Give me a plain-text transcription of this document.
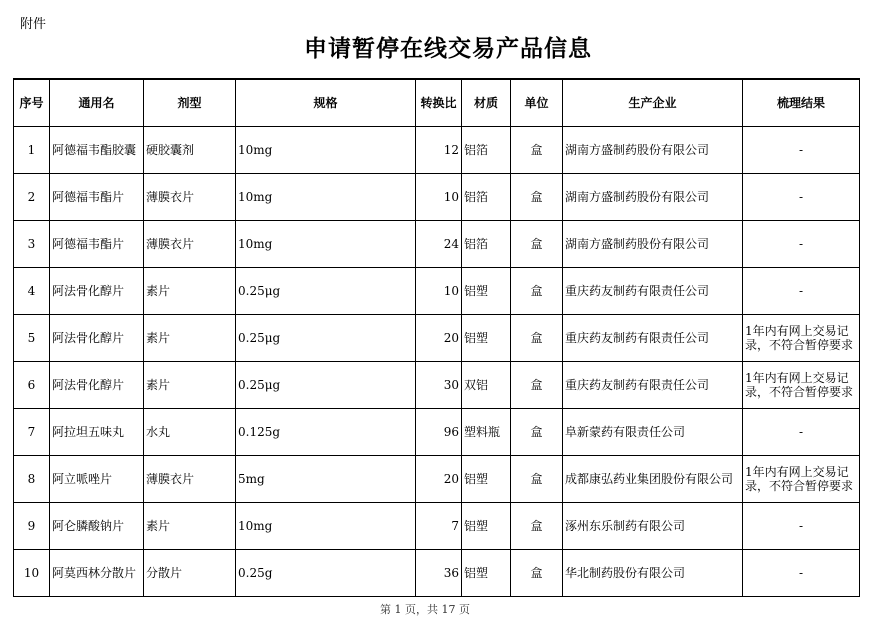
附件
申请暂停在线交易产品信息
序号	通用名	剂型	规格	转换比	材质	单位	生产企业	梳理结果
1	阿德福韦酯胶囊	硬胶囊剂	10mg	12	铝箔	盒	湖南方盛制药股份有限公司	-
2	阿德福韦酯片	薄膜衣片	10mg	10	铝箔	盒	湖南方盛制药股份有限公司	-
3	阿德福韦酯片	薄膜衣片	10mg	24	铝箔	盒	湖南方盛制药股份有限公司	-
4	阿法骨化醇片	素片	0.25μg	10	铝塑	盒	重庆药友制药有限责任公司	-
5	阿法骨化醇片	素片	0.25μg	20	铝塑	盒	重庆药友制药有限责任公司	1年内有网上交易记录，不符合暂停要求
6	阿法骨化醇片	素片	0.25μg	30	双铝	盒	重庆药友制药有限责任公司	1年内有网上交易记录，不符合暂停要求
7	阿拉坦五味丸	水丸	0.125g	96	塑料瓶	盒	阜新蒙药有限责任公司	-
8	阿立哌唑片	薄膜衣片	5mg	20	铝塑	盒	成都康弘药业集团股份有限公司	1年内有网上交易记录，不符合暂停要求
9	阿仑膦酸钠片	素片	10mg	7	铝塑	盒	涿州东乐制药有限公司	-
10	阿莫西林分散片	分散片	0.25g	36	铝塑	盒	华北制药股份有限公司	-
第 1 页，共 17 页
